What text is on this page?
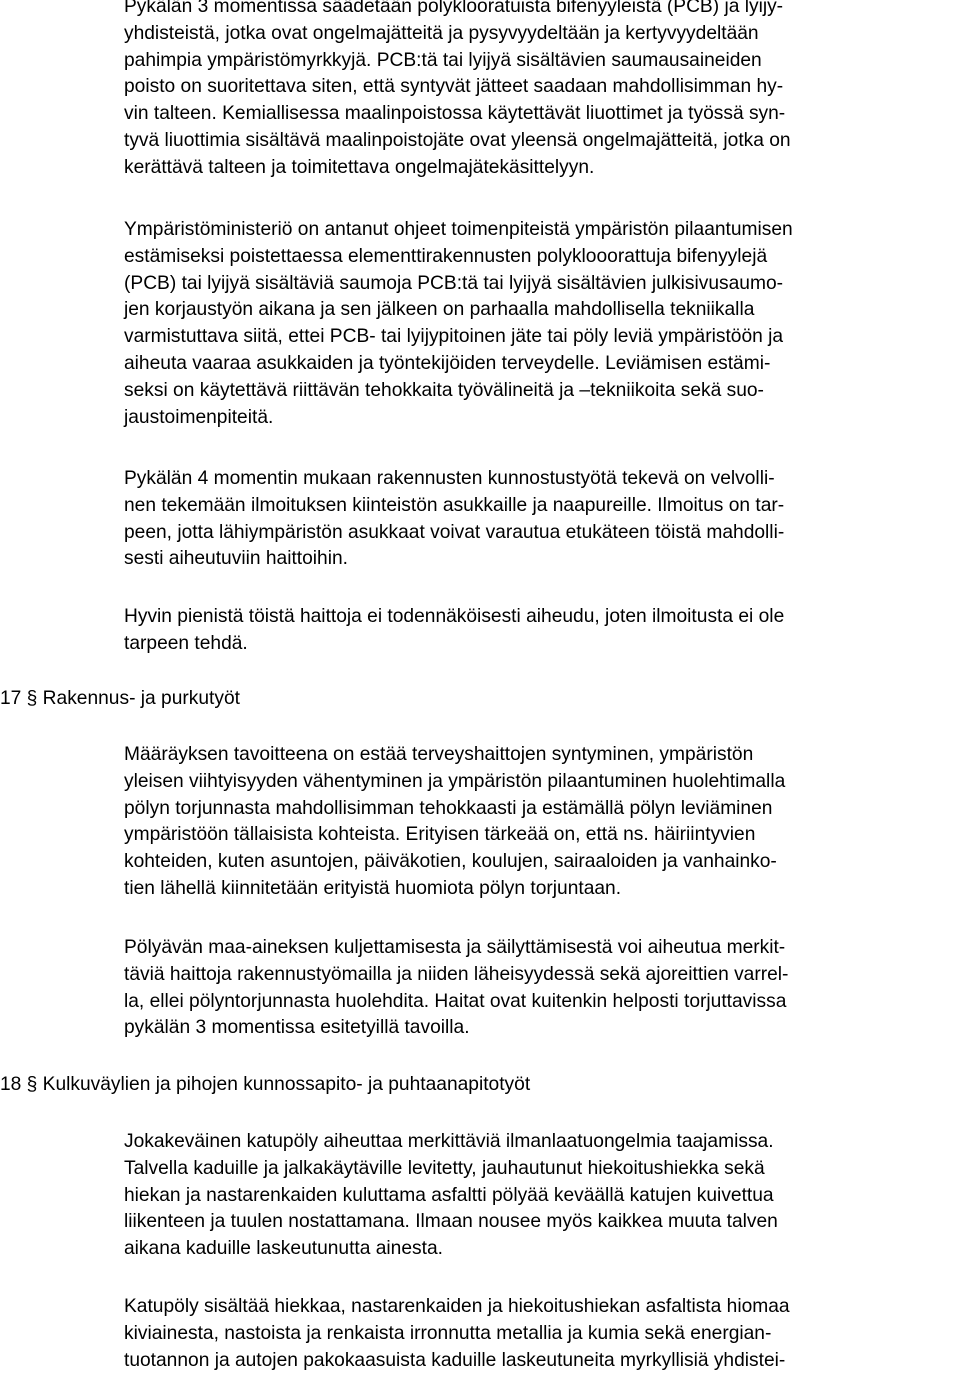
Pykälän 3 momentissa säädetään polyklooratuista bifenyyleistä (PCB) ja lyijy-
yhdisteistä, jotka ovat ongelmajätteitä ja pysyvyydeltään ja kertyvyydeltään
pahimpia ympäristömyrkkyjä. PCB:tä tai lyijyä sisältävien saumausaineiden
poisto on suoritettava siten, että syntyvät jätteet saadaan mahdollisimman hy-
vin talteen. Kemiallisessa maalinpoistossa käytettävät liuottimet ja työssä syn-
tyvä liuottimia sisältävä maalinpoistojäte ovat yleensä ongelmajätteitä, jotka on
kerättävä talteen ja toimitettava ongelmajätekäsittelyyn.
Ympäristöministeriö on antanut ohjeet toimenpiteistä ympäristön pilaantumisen
estämiseksi poistettaessa elementtirakennusten polyklooorattuja bifenyylejä
(PCB) tai lyijyä sisältäviä saumoja PCB:tä tai lyijyä sisältävien julkisivusaumo-
jen korjaustyön aikana ja sen jälkeen on parhaalla mahdollisella tekniikalla
varmistuttava siitä, ettei PCB- tai lyijypitoinen jäte tai pöly leviä ympäristöön ja
aiheuta vaaraa asukkaiden ja työntekijöiden terveydelle. Leviämisen estämi-
seksi on käytettävä riittävän tehokkaita työvälineitä ja –tekniikoita sekä suo-
jaustoimenpiteitä.
Pykälän 4 momentin mukaan rakennusten kunnostustyötä tekevä on velvolli-
nen tekemään ilmoituksen kiinteistön asukkaille ja naapureille. Ilmoitus on tar-
peen, jotta lähiympäristön asukkaat voivat varautua etukäteen töistä mahdolli-
sesti aiheutuviin haittoihin.
Hyvin pienistä töistä haittoja ei todennäköisesti aiheudu, joten ilmoitusta ei ole
tarpeen tehdä.
17 § Rakennus- ja purkutyöt
Määräyksen tavoitteena on estää terveyshaittojen syntyminen, ympäristön
yleisen viihtyisyyden vähentyminen ja ympäristön pilaantuminen huolehtimalla
pölyn torjunnasta mahdollisimman tehokkaasti ja estämällä pölyn leviäminen
ympäristöön tällaisista kohteista. Erityisen tärkeää on, että ns. häiriintyvien
kohteiden, kuten asuntojen, päiväkotien, koulujen, sairaaloiden ja vanhainko-
tien lähellä kiinnitetään erityistä huomiota pölyn torjuntaan.
Pölyävän maa-aineksen kuljettamisesta ja säilyttämisestä voi aiheutua merkit-
täviä haittoja rakennustyömailla ja niiden läheisyydessä sekä ajoreittien varrel-
la, ellei pölyntorjunnasta huolehdita. Haitat ovat kuitenkin helposti torjuttavissa
pykälän 3 momentissa esitetyillä tavoilla.
18 § Kulkuväylien ja pihojen kunnossapito- ja puhtaanapitotyöt
Jokakeväinen katupöly aiheuttaa merkittäviä ilmanlaatuongelmia taajamissa.
Talvella kaduille ja jalkakäytäville levitetty, jauhautunut hiekoitushiekka sekä
hiekan ja nastarenkaiden kuluttama asfaltti pölyää keväällä katujen kuivettua
liikenteen ja tuulen nostattamana. Ilmaan nousee myös kaikkea muuta talven
aikana kaduille laskeutunutta ainesta.
Katupöly sisältää hiekkaa, nastarenkaiden ja hiekoitushiekan asfaltista hiomaa
kiviainesta, nastoista ja renkaista irronnutta metallia ja kumia sekä energian-
tuotannon ja autojen pakokaasuista kaduille laskeutuneita myrkyllisiä yhdistei-
